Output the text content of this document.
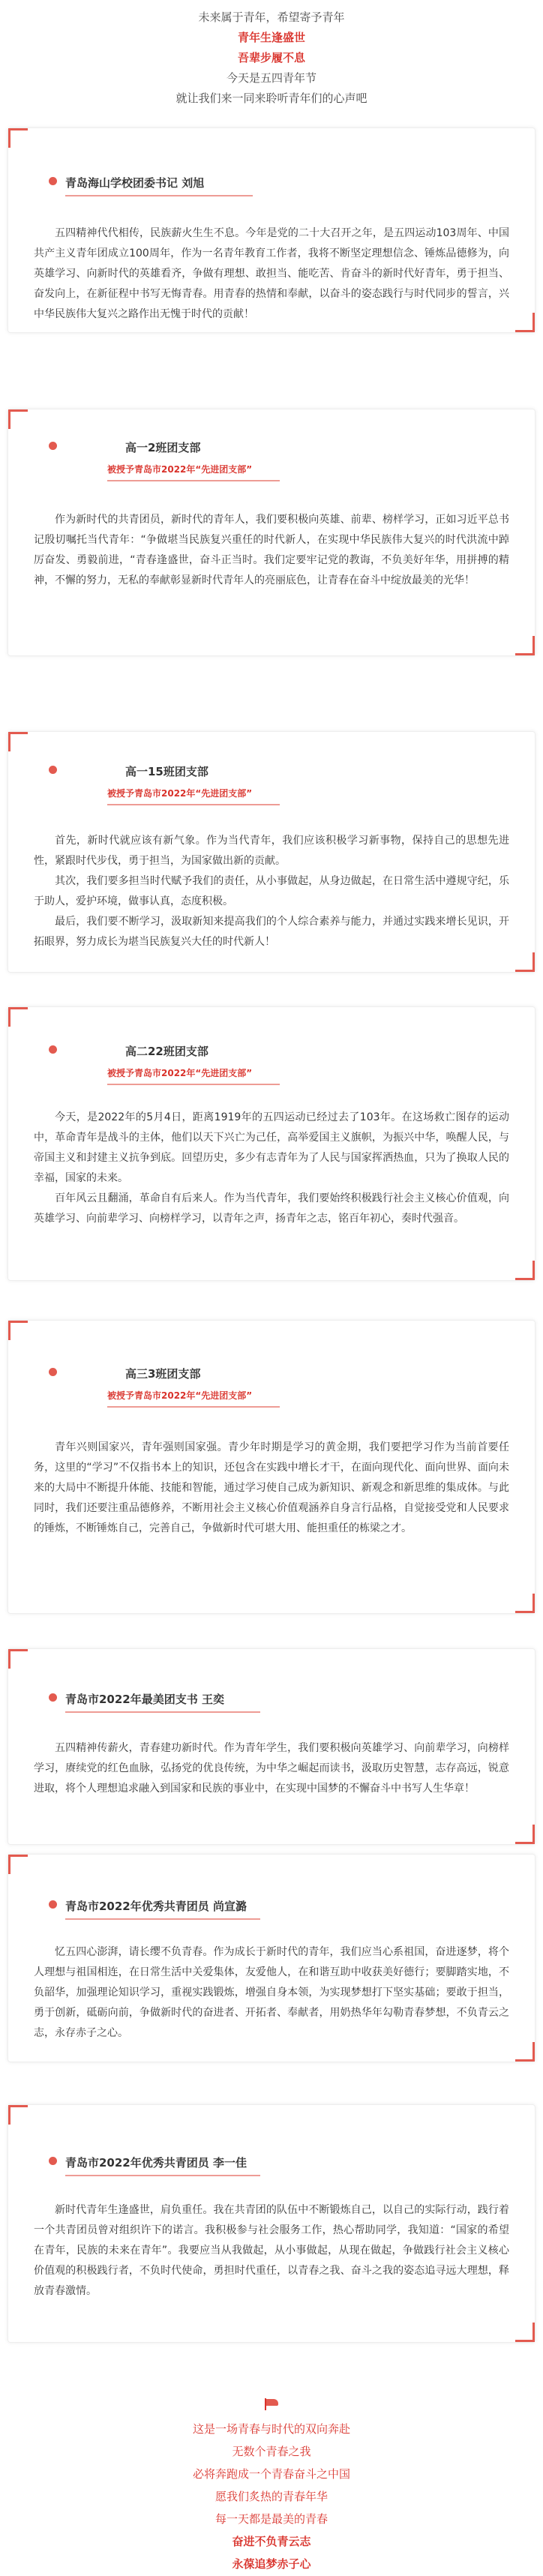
未来属于青年，希望寄予青年

青年生逢盛世

吾辈步履不息

今天是五四青年节

就让我们来一同来聆听青年们的心声吧

青岛海山学校团委书记 刘旭

五四精神代代相传，民族薪火生生不息。今年是党的二十大召开之年，是五四运动103周年、中国共产主义青年团成立100周年，作为一名青年教育工作者，我将不断坚定理想信念、锤炼品德修为，向英雄学习、向新时代的英雄看齐，争做有理想、敢担当、能吃苦、肯奋斗的新时代好青年，勇于担当、奋发向上，在新征程中书写无悔青春。用青春的热情和奉献，以奋斗的姿态践行与时代同步的誓言，兴中华民族伟大复兴之路作出无愧于时代的贡献！

高一2班团支部
被授予青岛市2022年“先进团支部”

作为新时代的共青团员，新时代的青年人，我们要积极向英雄、前辈、榜样学习，正如习近平总书记殷切嘱托当代青年：“争做堪当民族复兴重任的时代新人，在实现中华民族伟大复兴的时代洪流中踔厉奋发、勇毅前进，“青春逢盛世，奋斗正当时。我们定要牢记党的教诲，不负美好年华，用拼搏的精神，不懈的努力，无私的奉献彰显新时代青年人的亮丽底色，让青春在奋斗中绽放最美的光华！

高一15班团支部
被授予青岛市2022年“先进团支部”

首先，新时代就应该有新气象。作为当代青年，我们应该积极学习新事物，保持自己的思想先进性，紧跟时代步伐，勇于担当，为国家做出新的贡献。

其次，我们要多担当时代赋予我们的责任，从小事做起，从身边做起，在日常生活中遵规守纪，乐于助人，爱护环境，做事认真，态度积极。

最后，我们要不断学习，汲取新知来提高我们的个人综合素养与能力，并通过实践来增长见识，开拓眼界，努力成长为堪当民族复兴大任的时代新人！

高二22班团支部
被授予青岛市2022年“先进团支部”

今天，是2022年的5月4日，距离1919年的五四运动已经过去了103年。在这场救亡图存的运动中，革命青年是战斗的主体，他们以天下兴亡为己任，高举爱国主义旗帜，为振兴中华，唤醒人民，与帝国主义和封建主义抗争到底。回望历史，多少有志青年为了人民与国家挥洒热血，只为了换取人民的幸福，国家的未来。

百年风云且翻涌，革命自有后来人。作为当代青年，我们要始终积极践行社会主义核心价值观，向英雄学习、向前辈学习、向榜样学习，以青年之声，扬青年之志，铭百年初心，奏时代强音。

高三3班团支部
被授予青岛市2022年“先进团支部”

青年兴则国家兴，青年强则国家强。青少年时期是学习的黄金期，我们要把学习作为当前首要任务，这里的“学习”不仅指书本上的知识，还包含在实践中增长才干，在面向现代化、面向世界、面向未来的大局中不断提升体能、技能和智能，通过学习使自己成为新知识、新观念和新思维的集成体。与此同时，我们还要注重品德修养，不断用社会主义核心价值观涵养自身言行品格，自觉接受党和人民要求的锤炼，不断锤炼自己，完善自己，争做新时代可堪大用、能担重任的栋梁之才。

青岛市2022年最美团支书 王奕

五四精神传薪火，青春建功新时代。作为青年学生，我们要积极向英雄学习、向前辈学习，向榜样学习，赓续党的红色血脉，弘扬党的优良传统，为中华之崛起而读书，汲取历史智慧，志存高远，锐意进取，将个人理想追求融入到国家和民族的事业中，在实现中国梦的不懈奋斗中书写人生华章！

青岛市2022年优秀共青团员 尚宣潞

忆五四心澎湃，请长缨不负青春。作为成长于新时代的青年，我们应当心系祖国，奋进逐梦，将个人理想与祖国相连，在日常生活中关爱集体，友爱他人，在和谐互助中收获美好德行；要脚踏实地，不负韶华，加强理论知识学习，重视实践锻炼，增强自身本领，为实现梦想打下坚实基础；要敢于担当，勇于创新，砥砺向前，争做新时代的奋进者、开拓者、奉献者，用奶热华年勾勒青春梦想，不负青云之志，永存赤子之心。

青岛市2022年优秀共青团员 李一佳

新时代青年生逢盛世，肩负重任。我在共青团的队伍中不断锻炼自己，以自己的实际行动，践行着一个共青团员曾对组织许下的诺言。我积极参与社会服务工作，热心帮助同学，我知道：“国家的希望在青年，民族的未来在青年”。我要应当从我做起，从小事做起，从现在做起，争做践行社会主义核心价值观的积极践行者，不负时代使命，勇担时代重任，以青春之我、奋斗之我的姿态追寻远大理想，释放青春激情。

这是一场青春与时代的双向奔赴

无数个青春之我

必将奔跑成一个青春奋斗之中国

愿我们炙热的青春年华

每一天都是最美的青春

奋进不负青云志

永葆追梦赤子心
